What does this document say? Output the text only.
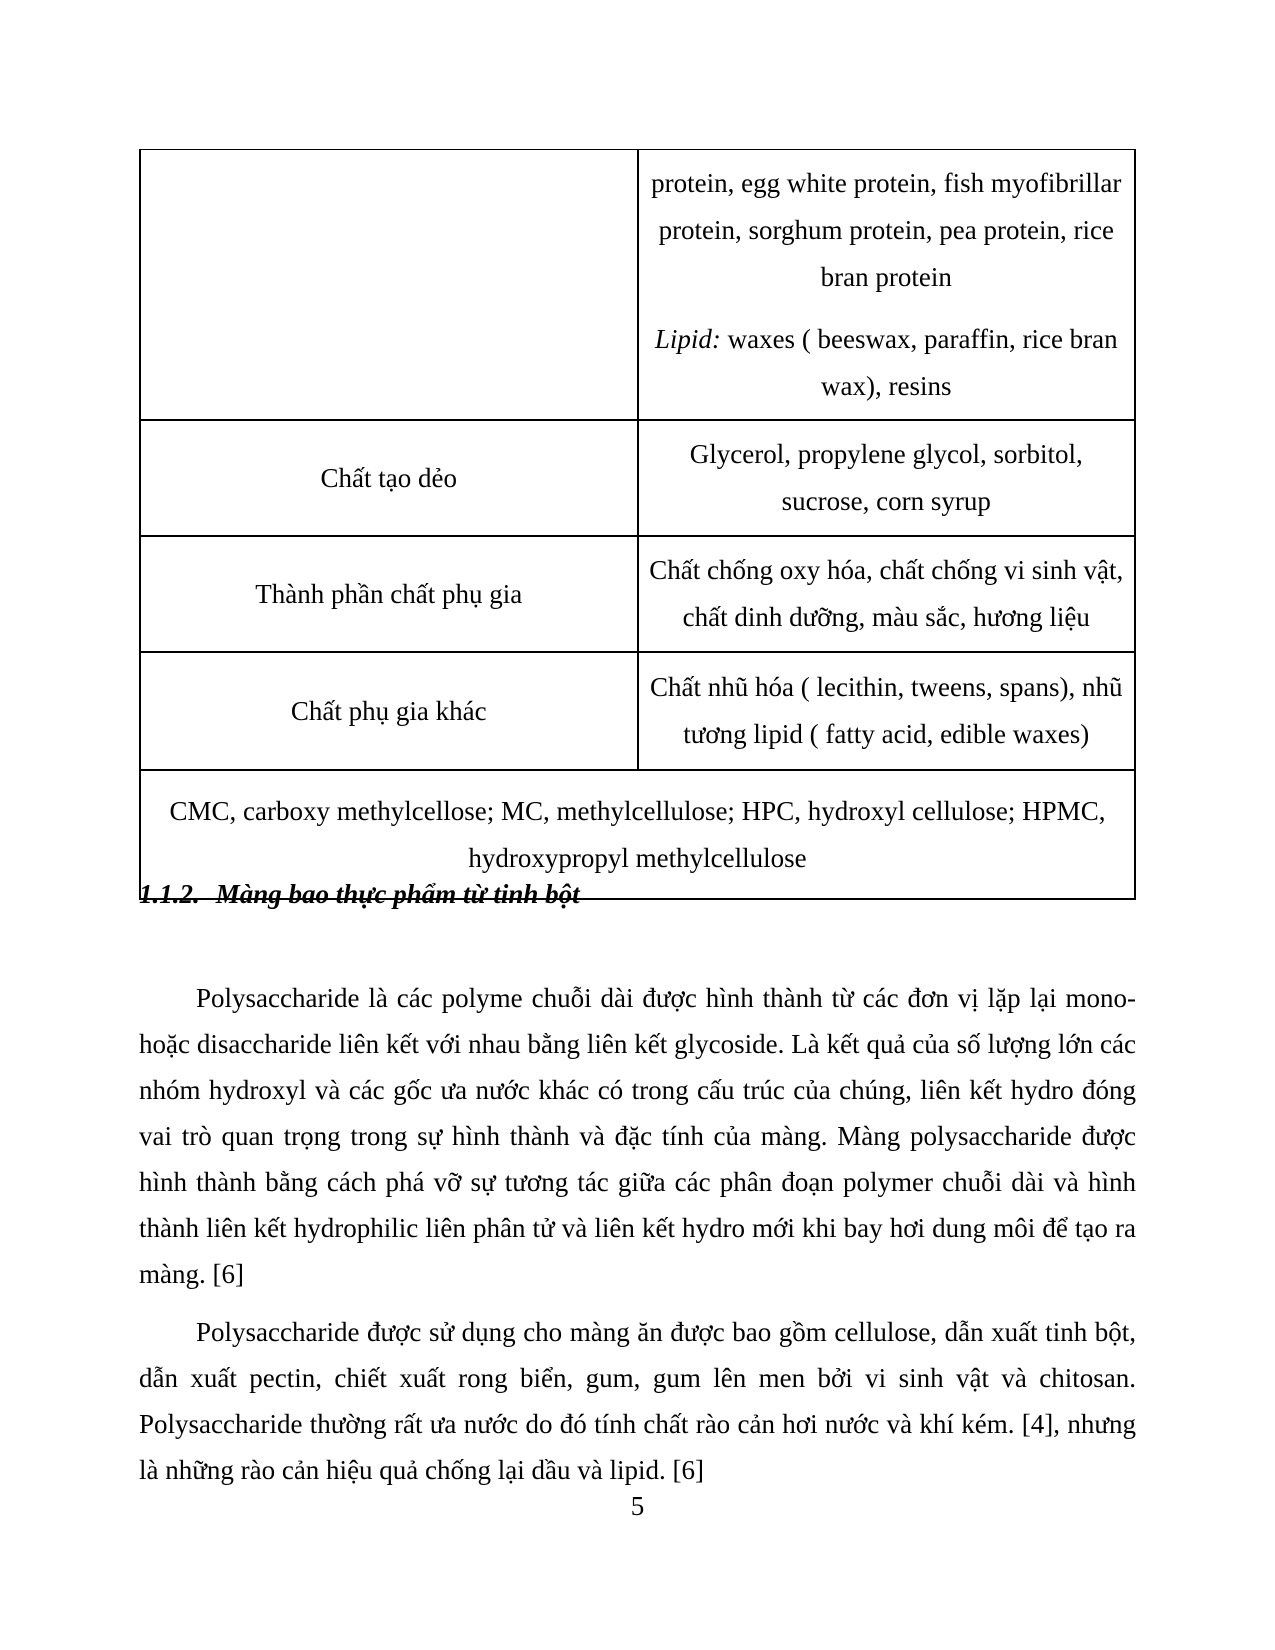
	protein, egg white protein, fish myofibrillar protein, sorghum protein, pea protein, rice bran protein

Lipid: waxes ( beeswax, paraffin, rice bran wax), resins

Chất tạo dẻo	Glycerol, propylene glycol, sorbitol, sucrose, corn syrup
Thành phần chất phụ gia	Chất chống oxy hóa, chất chống vi sinh vật, chất dinh dưỡng, màu sắc, hương liệu
Chất phụ gia khác	Chất nhũ hóa ( lecithin, tweens, spans), nhũ tương lipid ( fatty acid, edible waxes)
CMC, carboxy methylcellose; MC, methylcellulose; HPC, hydroxyl cellulose; HPMC, hydroxypropyl methylcellulose	
1.1.2. Màng bao thực phẩm từ tinh bột

Polysaccharide là các polyme chuỗi dài được hình thành từ các đơn vị lặp lại mono- hoặc disaccharide liên kết với nhau bằng liên kết glycoside. Là kết quả của số lượng lớn các nhóm hydroxyl và các gốc ưa nước khác có trong cấu trúc của chúng, liên kết hydro đóng vai trò quan trọng trong sự hình thành và đặc tính của màng. Màng polysaccharide được hình thành bằng cách phá vỡ sự tương tác giữa các phân đoạn polymer chuỗi dài và hình thành liên kết hydrophilic liên phân tử và liên kết hydro mới khi bay hơi dung môi để tạo ra màng. [6]

Polysaccharide được sử dụng cho màng ăn được bao gồm cellulose, dẫn xuất tinh bột, dẫn xuất pectin, chiết xuất rong biển, gum, gum lên men bởi vi sinh vật và chitosan. Polysaccharide thường rất ưa nước do đó tính chất rào cản hơi nước và khí kém. [4], nhưng là những rào cản hiệu quả chống lại dầu và lipid. [6]

5
